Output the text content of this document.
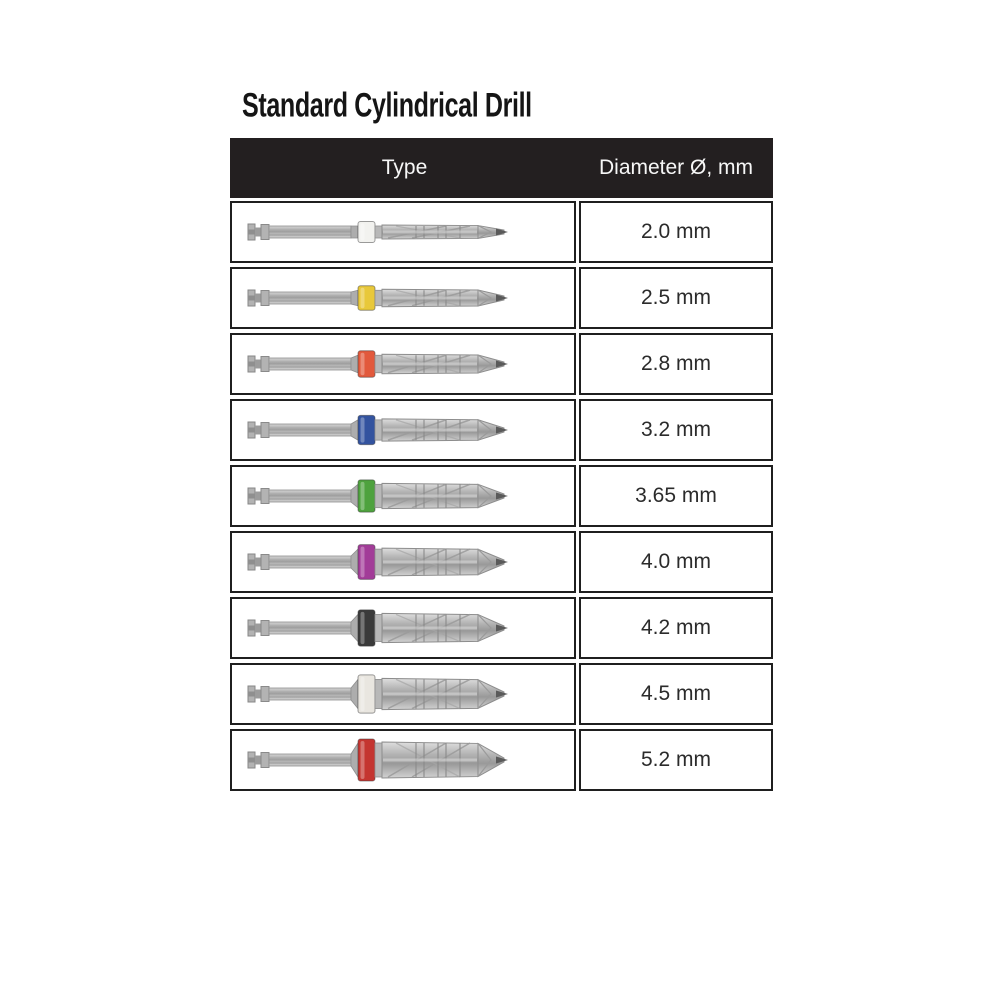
Standard Cylindrical Drill
Type	Diameter Ø, mm
2.0 mm
2.5 mm
2.8 mm
3.2 mm
3.65 mm
4.0 mm
4.2 mm
4.5 mm
5.2 mm
